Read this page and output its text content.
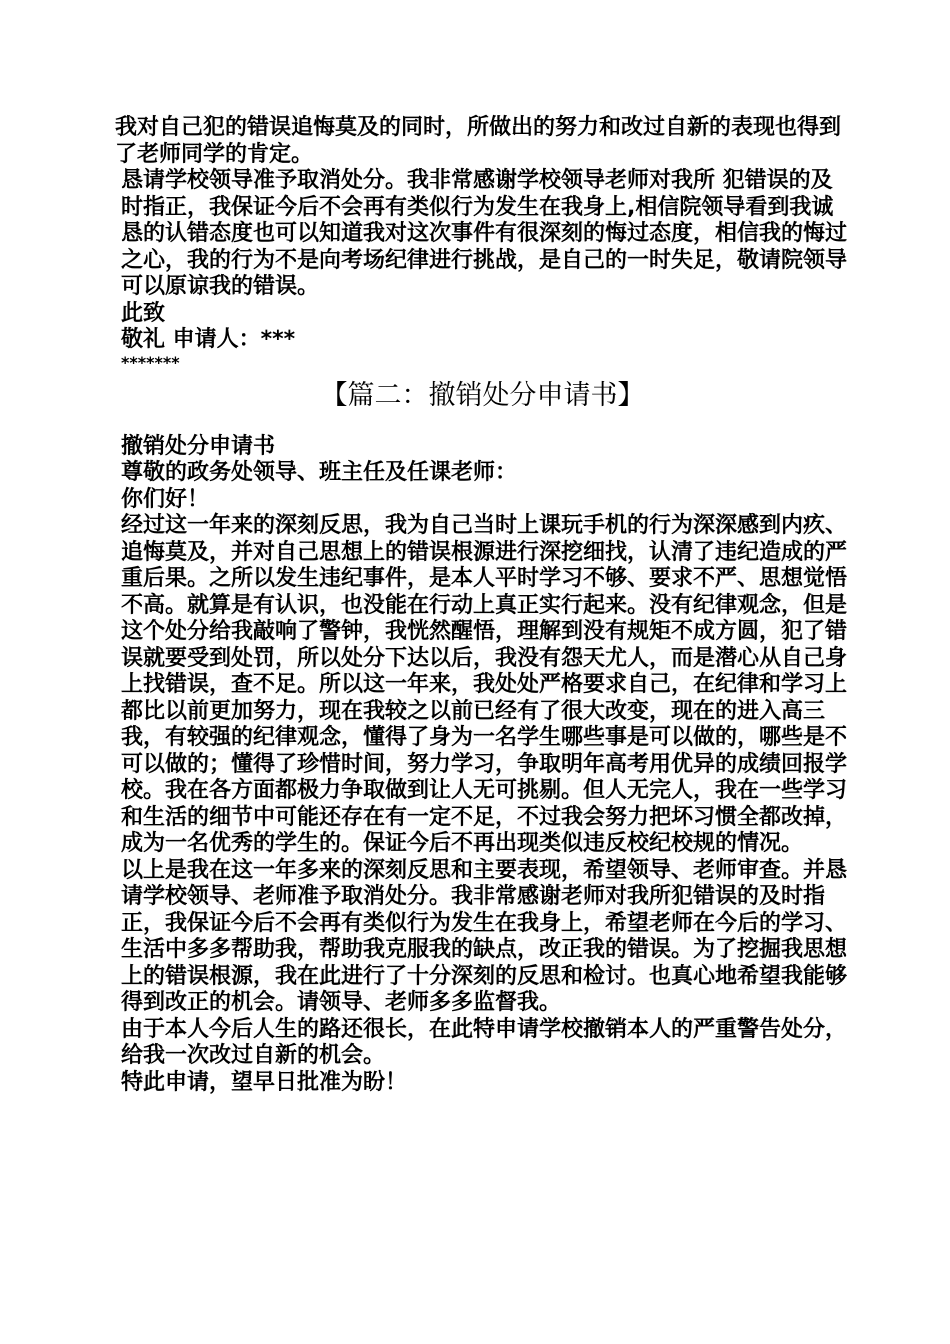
我对自己犯的错误追悔莫及的同时，所做出的努力和改过自新的表现也得到了老师同学的肯定。

恳请学校领导准予取消处分。我非常感谢学校领导老师对我所 犯错误的及时指正，我保证今后不会再有类似行为发生在我身上,相信院领导看到我诚恳的认错态度也可以知道我对这次事件有很深刻的悔过态度，相信我的悔过之心，我的行为不是向考场纪律进行挑战，是自己的一时失足，敬请院领导可以原谅我的错误。

此致

敬礼 申请人：***

*******

【篇二：撤销处分申请书】

撤销处分申请书

尊敬的政务处领导、班主任及任课老师：

你们好！

经过这一年来的深刻反思，我为自己当时上课玩手机的行为深深感到内疚、追悔莫及，并对自己思想上的错误根源进行深挖细找，认清了违纪造成的严重后果。之所以发生违纪事件，是本人平时学习不够、要求不严、思想觉悟不高。就算是有认识，也没能在行动上真正实行起来。没有纪律观念，但是这个处分给我敲响了警钟，我恍然醒悟，理解到没有规矩不成方圆，犯了错误就要受到处罚，所以处分下达以后，我没有怨天尤人，而是潜心从自己身上找错误，查不足。所以这一年来，我处处严格要求自己，在纪律和学习上都比以前更加努力，现在我较之以前已经有了很大改变，现在的进入高三我，有较强的纪律观念，懂得了身为一名学生哪些事是可以做的，哪些是不可以做的；懂得了珍惜时间，努力学习，争取明年高考用优异的成绩回报学校。我在各方面都极力争取做到让人无可挑剔。但人无完人，我在一些学习和生活的细节中可能还存在有一定不足，不过我会努力把坏习惯全都改掉，成为一名优秀的学生的。保证今后不再出现类似违反校纪校规的情况。

以上是我在这一年多来的深刻反思和主要表现，希望领导、老师审查。并恳请学校领导、老师准予取消处分。我非常感谢老师对我所犯错误的及时指正，我保证今后不会再有类似行为发生在我身上，希望老师在今后的学习、生活中多多帮助我，帮助我克服我的缺点，改正我的错误。为了挖掘我思想上的错误根源，我在此进行了十分深刻的反思和检讨。也真心地希望我能够得到改正的机会。请领导、老师多多监督我。

由于本人今后人生的路还很长，在此特申请学校撤销本人的严重警告处分，给我一次改过自新的机会。

特此申请，望早日批准为盼！
